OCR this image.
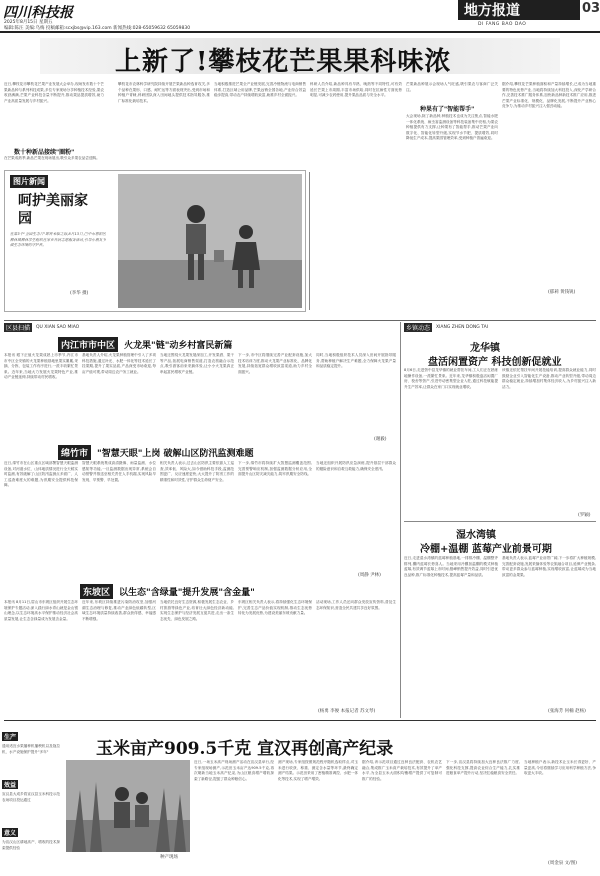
四川科技报
2025年8月15日 星期五
编辑:陈汪 美编:乌梅 投稿邮箱:scxjbs@vip.163.com 新闻热线:028-65059632 65059830
地方报道	03
DI FANG BAO DAO
上新了!攀枝花芒果果科味浓
近日,攀枝花市攀枝花芒果产业发展大会举办,现场发布数十个芒果新品种与系列科技成果,多位专家现场分享种植技术经验,果农收获满满,芒果产业科技含量不断提升,推动果品提质增效,助力产业高质量发展与乡村振兴。
数十种新品接续"圈粉"
在芒果成熟季,新品芒果在现场展出,吸引众多果农品尝选购。
攀枝花市农林科学研究院持续开展芒果新品种选育攻关,多个品种在果形、口感、耐贮运等方面表现突出,受到市场和种植户青睐,科研团队深入田间地头提供技术指导服务,推广标准化栽培技术。
当地积极推进芒果全产业链发展,完善冷链物流与电商销售体系,打造区域公用品牌,芒果远销全国各地,产业综合效益稳步提高,带动农户持续增收致富,助推乡村全面振兴。
科研人员介绍,新品种具有早熟、晚熟等不同特性,可有效延长芒果上市周期,丰富市场供给,同时在抗病性方面优势明显,可减少农药使用,提升果品品质与安全水平。
芒果新品种展示会现场人气旺盛,吸引果农与客商广泛关注。
种果有了"智能帮手"
大会现场,除了新品种,种植技术也成为关注焦点,智能水肥一体化系统、病虫害监测设备等科技装备集中亮相,为果农种植提供有力支撑,让种果有了智能帮手,推动芒果产业向数字化、智能化转型升级,实现节水节肥、提质增效,同时降低生产成本,提高果园管理效率,受到种植户普遍欢迎。
据介绍,攀枝花芒果种植面积和产量持续增长,已成为当地重要的特色优势产业,当地将持续加大科技投入,深化产学研合作,完善技术推广服务体系,加快新品种新技术推广应用,推进芒果产业标准化、规模化、品牌化发展,不断提升产业核心竞争力,为推动乡村振兴注入强劲动能。
(郁莉 黄钱锐)
图片新闻
呵护美丽家园
在第3个"全国生态日"即将来临之际,8月13日,巴中市恩阳区柳林镇柳林学生组织在家乡开展志愿服务活动,引导小朋友争做生态环境的守护者。
(李华 摄)
区县扫描	QU XIAN SAO MIAO
内江市市中区	火龙果"链"动乡村富民新篇
本报讯 眼下正值火龙果成熟上市季节,内江市市中区全安镇的火龙果种植基地里果实累累,采摘、分拣、包装工作有序进行,一派丰收繁忙景象。近年来,当地大力发展火龙果特色产业,推动产业链延伸,持续带动村民增收。
基地负责人介绍,火龙果种植管理中引入了多项科技措施,通过补光、水肥一体化等技术延长了挂果期,提升了果实品质,产品深受市场欢迎,每亩产值可观,带动周边农户务工就业。
当地还围绕火龙果发展深加工,开发果酒、果干等产品,拓展电商销售渠道,打造农旅融合示范点,吸引游客前来采摘体验,让小小火龙果真正串起富民增收产业链。
下一步,市中区将继续完善产业配套设施,加大技术培训力度,推动火龙果产业标准化、品牌化发展,持续拓宽群众增收致富渠道,助力乡村全面振兴。
同时,当地积极组织技术人员深入田间开展指导服务,帮助种植户解决生产难题,全力保障火龙果产量和品质稳定提升。
(谢毅)
绵竹市	"智慧天眼"上岗 破解山区防汛监测难题
近日,绵竹市在山区重点区域部署智慧天眼监测设备,对河道水位、山体地质情况进行全天候实时监测,有效破解了山区防汛监测点多面广、人工巡查难度大的难题,为汛期安全提供科技保障。
智慧天眼系统集成高清摄像、雨量监测、水位感知等功能,一旦监测数据出现异常,系统会自动预警并推送至相关责任人手机端,实现风险早发现、早预警、早处置。
相关负责人表示,过去山区防汛主要依靠人工巡查,效率低、风险大,如今借助科技手段,监测范围更广、反应速度更快,大大提升了防汛工作的精准性和时效性,守护群众生命财产安全。
下一步,绵竹市将持续扩大智慧监测覆盖范围,完善预警响应机制,加强监测数据分析应用,全面提升山区防灾减灾能力,筑牢汛期安全防线。
当地还组织开展防汛应急演练,提升基层干部群众的避险意识和自救互救能力,确保安全度汛。
(周静 尹林)
东坡区	以生态"含绿量"提升发展"含金量"
本报讯 8月11日,眉山市东坡区组织开展生态环境保护专题活动,深入践行绿水青山就是金山银山理念,以生态环境高水平保护推动经济社会高质量发展,让生态含绿量成为发展含金量。
近年来,东坡区持续推进污染防治攻坚,加强河湖生态治理与修复,推动产业绿色低碳转型,区域生态环境质量持续改善,群众获得感、幸福感不断增强。
当地依托良好生态资源,积极发展生态农业、乡村旅游等绿色产业,培育壮大绿色经济新动能,实现生态保护与经济发展互促共进,走出一条生态优先、绿色发展之路。
东坡区相关负责人表示,将持续强化生态环境保护,完善生态产品价值实现机制,推动生态优势转化为发展优势,为建设美丽东坡贡献力量。
活动现场,工作人员还向群众发放宣传资料,普及生态环保知识,营造全民共建共享良好氛围。
(杨勇 李俊 本报记者 苏文琴)
乡镇动态	XIANG ZHEN DONG TAI
龙华镇
盘活闲置资产 科技创新促就业
8月6日,走进资中县龙华镇的就业帮扶车间,工人们正在熟练地操作设备,一派繁忙景象。近年来,龙华镇积极盘活闲置厂房、校舍等资产,引进劳动密集型企业入驻,通过科技赋能提升生产效率,让群众在家门口实现就业增收。
该镇还依托帮扶车间开展技能培训,提高群众就业能力,同时鼓励企业引入智能化生产设备,推动产业转型升级,带动周边群众稳定就业,持续增加村集体经济收入,为乡村振兴注入新活力。
(罗颖)
湿水湾镇
冷棚+温棚 蓝莓产业前景可期
近日,走进湿水湾镇的蓝莓种植基地,一排排冷棚、温棚整齐排列,棚内蓝莓长势喜人。当地采用冷棚加温棚的模式种植蓝莓,有效调节蓝莓上市时间,错峰销售提升效益,同时引进优良品种,推广标准化种植技术,提高蓝莓产量和品质。
基地负责人表示,蓝莓产业前景广阔,下一步将扩大种植规模,完善配套设施,发展采摘体验等农旅融合项目,延伸产业链条,带动更多群众参与蓝莓种植,实现增收致富,让蓝莓成为当地致富的金果果。
(张海芳 何楠 赵杨)
生产
通用适宜水果播种机播秧机以及拖拉机、水产设施保护提升"多年"
效益
宣汉县大成乡将宣汉县玉米科技示范农场项目投运通过
意义
为宣汉山区耕地高产、增收的技术探索提供经验
玉米亩产909.5千克 宣汉再创高产纪录
种产现场
近日,一场玉米高产现场测产活动在宣汉县举行,经专家组现场测产,示范田玉米亩产达909.5千克,再次刷新当地玉米高产纪录,为山区粮食增产增收探索了新路径,提振了群众种粮信心。
测产现场,专家组按照规范程序随机选取样点,对玉米进行收获、称重、测定含水量等环节,最终确定测产结果。示范田采用了密植精准调控、水肥一体化等技术,实现了增产增效。
据介绍,该示范项目通过良种良法配套、农机农艺融合,集成推广玉米高产栽培技术,有效提升了单产水平,为全县玉米大面积均衡增产提供了可复制可推广的经验。
下一步,宣汉县将持续加大良种良法推广力度,强化科技支撑,提高农业综合生产能力,扎实推进粮食单产提升行动,坚决扛稳粮食安全责任。
当地种植户表示,新技术让玉米长得更好、产量更高,今后将继续学习应用科学种植方法,争取更大丰收。
(周金泉 文/图)
